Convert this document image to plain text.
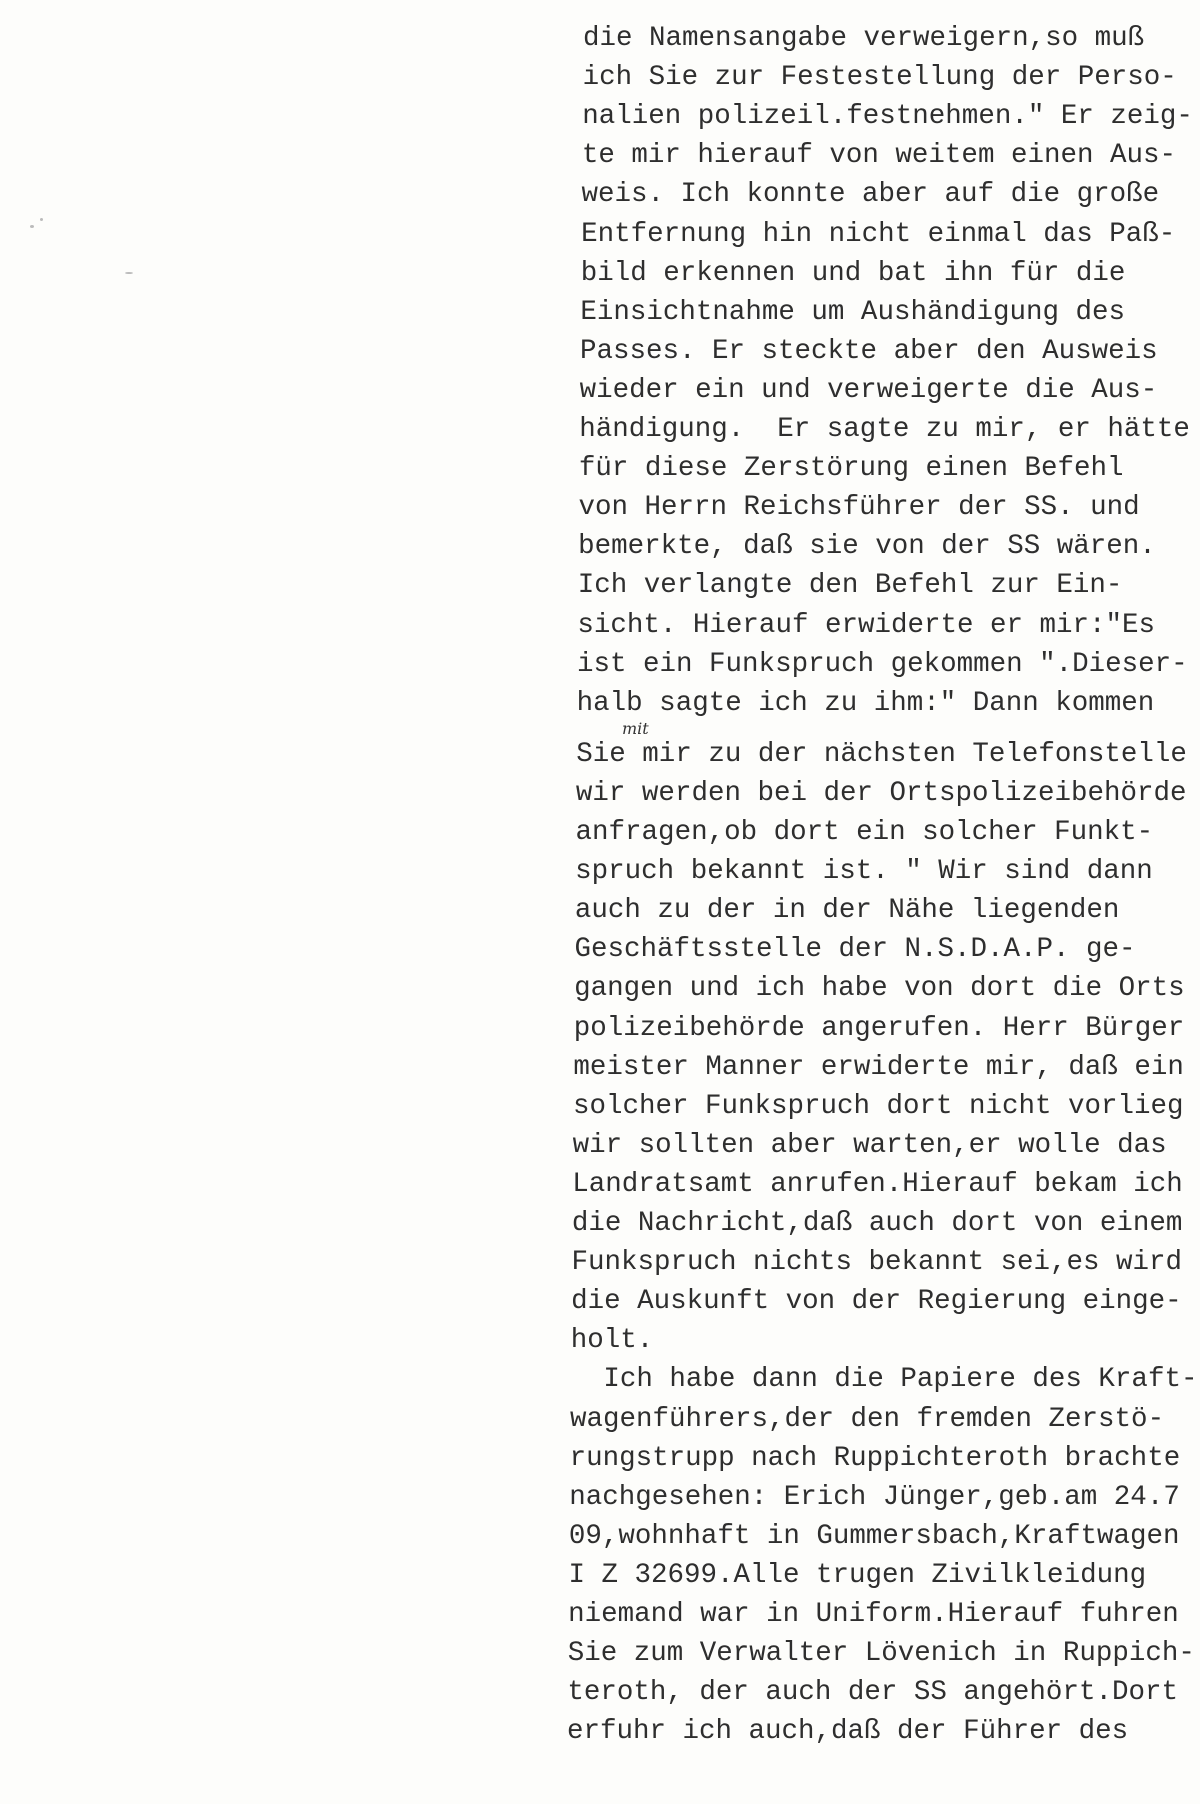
mit
die Namensangabe verweigern,so muß
ich Sie zur Festestellung der Perso-
nalien polizeil.festnehmen." Er zeig-
te mir hierauf von weitem einen Aus-
weis. Ich konnte aber auf die große
Entfernung hin nicht einmal das Paß-
bild erkennen und bat ihn für die
Einsichtnahme um Aushändigung des
Passes. Er steckte aber den Ausweis
wieder ein und verweigerte die Aus-
händigung.  Er sagte zu mir, er hätte
für diese Zerstörung einen Befehl
von Herrn Reichsführer der SS. und
bemerkte, daß sie von der SS wären.
Ich verlangte den Befehl zur Ein-
sicht. Hierauf erwiderte er mir:"Es
ist ein Funkspruch gekommen ".Dieser-
halb sagte ich zu ihm:" Dann kommen
Sie mir zu der nächsten Telefonstelle
wir werden bei der Ortspolizeibehörde
anfragen,ob dort ein solcher Funkt-
spruch bekannt ist. " Wir sind dann
auch zu der in der Nähe liegenden
Geschäftsstelle der N.S.D.A.P. ge-
gangen und ich habe von dort die Orts
polizeibehörde angerufen. Herr Bürger
meister Manner erwiderte mir, daß ein
solcher Funkspruch dort nicht vorlieg
wir sollten aber warten,er wolle das
Landratsamt anrufen.Hierauf bekam ich
die Nachricht,daß auch dort von einem
Funkspruch nichts bekannt sei,es wird
die Auskunft von der Regierung einge-
holt.
Ich habe dann die Papiere des Kraft-
wagenführers,der den fremden Zerstö-
rungstrupp nach Ruppichteroth brachte
nachgesehen: Erich Jünger,geb.am 24.7
09,wohnhaft in Gummersbach,Kraftwagen
I Z 32699.Alle trugen Zivilkleidung
niemand war in Uniform.Hierauf fuhren
Sie zum Verwalter Lövenich in Ruppich-
teroth, der auch der SS angehört.Dort
erfuhr ich auch,daß der Führer des
